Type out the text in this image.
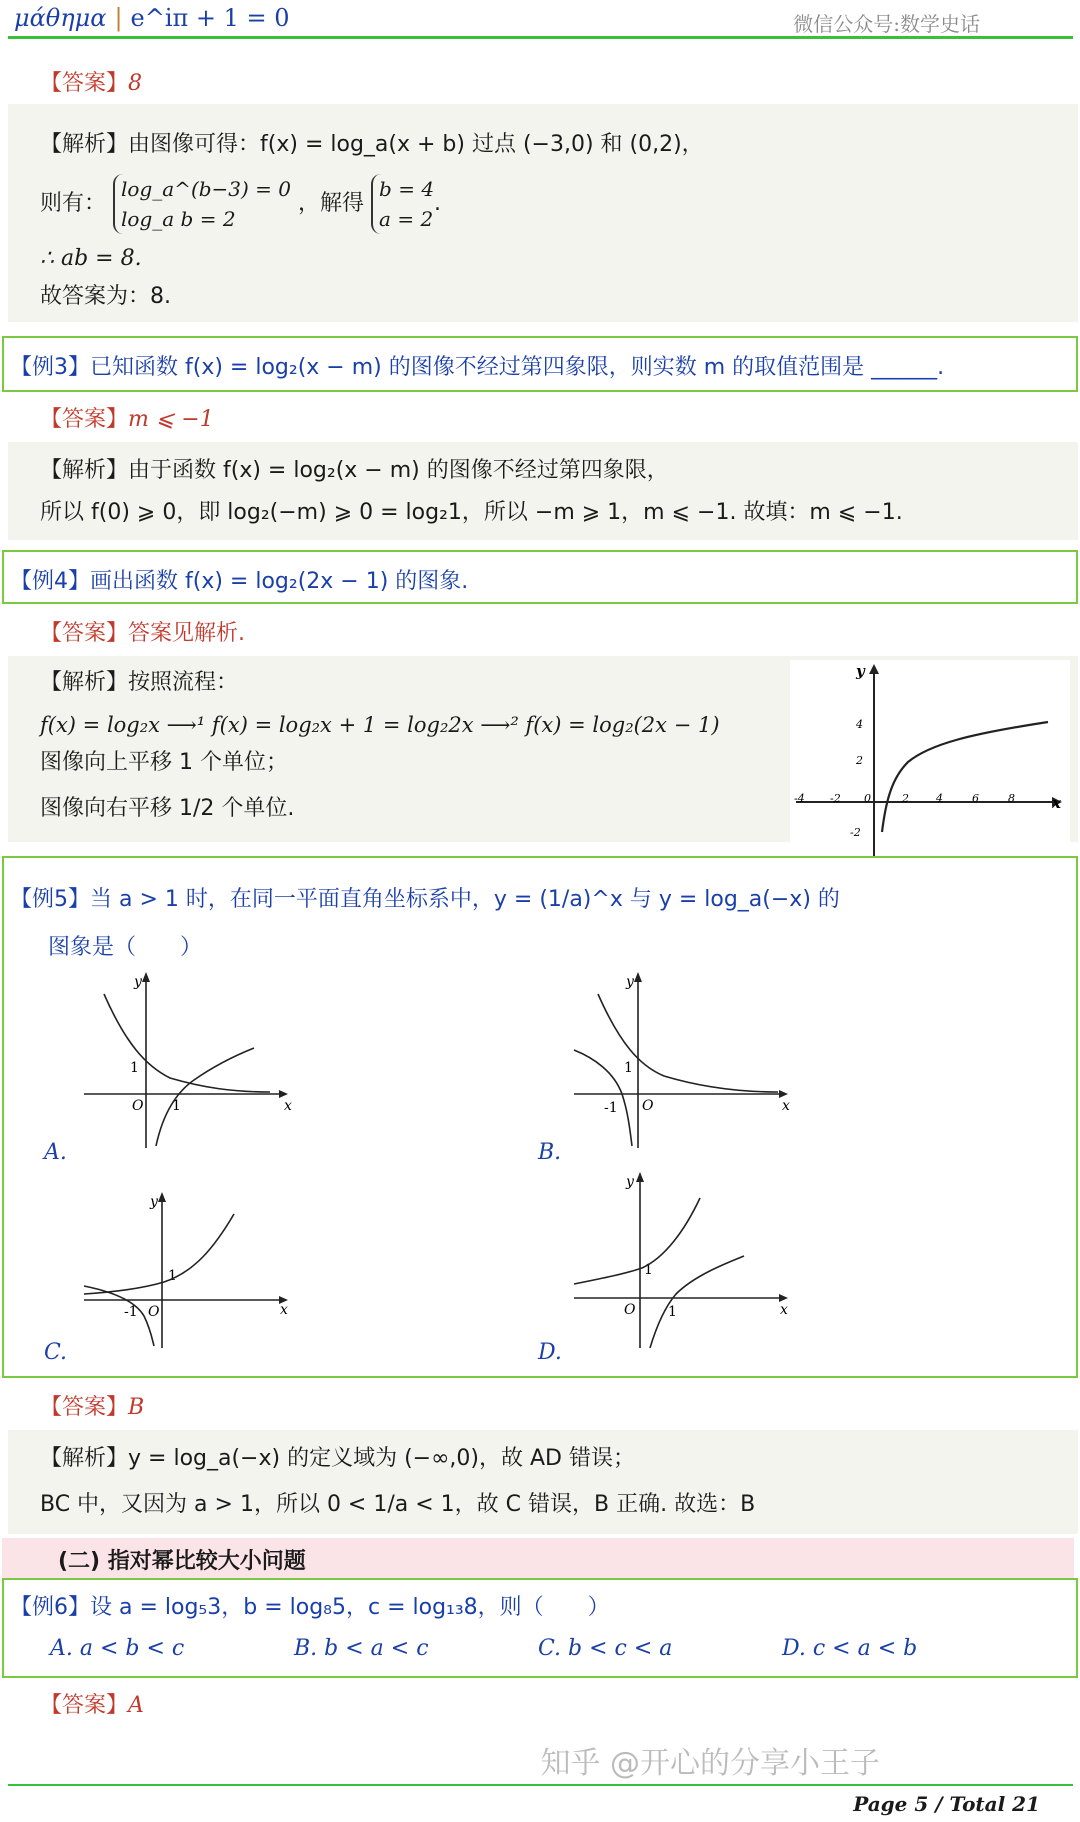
μάθημα | e^iπ + 1 = 0	微信公众号:数学史话
【答案】8
【解析】由图像可得：f(x) = log_a(x + b) 过点 (−3,0) 和 (0,2)，
则有：
log_a^(b−3) = 0
log_a b = 2
，解得
b = 4
a = 2
.
∴ ab = 8.
故答案为：8.
【例3】已知函数 f(x) = log₂(x − m) 的图像不经过第四象限，则实数 m 的取值范围是 ______.
【答案】m ⩽ −1
【解析】由于函数 f(x) = log₂(x − m) 的图像不经过第四象限，
所以 f(0) ⩾ 0，即 log₂(−m) ⩾ 0 = log₂1，所以 −m ⩾ 1，m ⩽ −1. 故填：m ⩽ −1.
【例4】画出函数 f(x) = log₂(2x − 1) 的图象.
【答案】答案见解析.
【解析】按照流程：
f(x) = log₂x ⟶¹ f(x) = log₂x + 1 = log₂2x ⟶² f(x) = log₂(2x − 1)
图像向上平移 1 个单位；
图像向右平移 1/2 个单位.	x
y
-4 -2 0	2 4	6	8
4
2
-2
【例5】当 a > 1 时，在同一平面直角坐标系中，y = (1/a)^x 与 y = log_a(−x) 的
图象是（　　）
x
y
O
1
1
A.
x
y
O
1
-1
B.
x
y
O
1
-1
C.
x
y
O
1
1
D.
【答案】B
【解析】y = log_a(−x) 的定义域为 (−∞,0)，故 AD 错误；
BC 中，又因为 a > 1，所以 0 < 1/a < 1，故 C 错误，B 正确. 故选：B
(二) 指对幂比较大小问题
【例6】设 a = log₅3，b = log₈5，c = log₁₃8，则（　　）
A. a < b < c	B. b < a < c	C. b < c < a	D. c < a < b
【答案】A
知乎 @开心的分享小王子
Page 5 / Total 21
